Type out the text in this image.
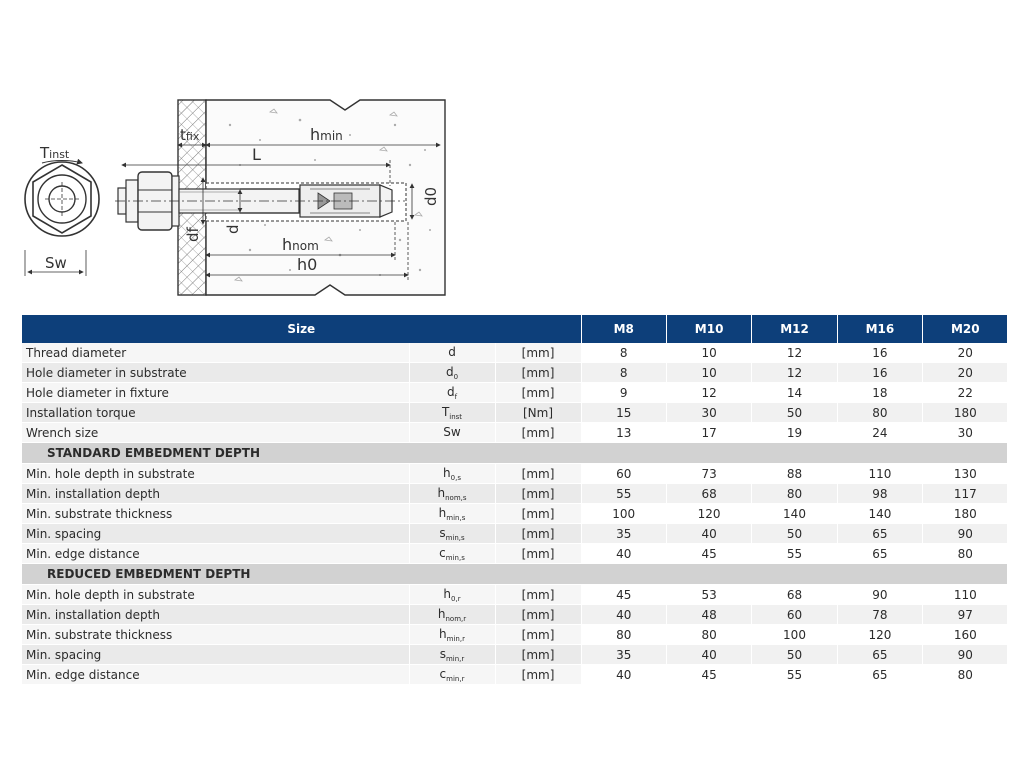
Tinst
Sw
tfix	hmin
L
d0
d
df
hnom
h0
Size			M8	M10	M12	M16	M20
Thread diameter	d	[mm]	8	10	12	16	20
Hole diameter in substrate	$d_0$	[mm]	8	10	12	16	20
Hole diameter in fixture	$d_f$	[mm]	9	12	14	18	22
Installation torque	$T_{inst}$	[Nm]	15	30	50	80	180
Wrench size	Sw	[mm]	13	17	19	24	30
STANDARD EMBEDMENT DEPTH							
Min. hole depth in substrate	$h_{0,s}$	[mm]	60	73	88	110	130
Min. installation depth	$h_{nom,s}$	[mm]	55	68	80	98	117
Min. substrate thickness	$h_{min,s}$	[mm]	100	120	140	140	180
Min. spacing	$s_{min,s}$	[mm]	35	40	50	65	90
Min. edge distance	$c_{min,s}$	[mm]	40	45	55	65	80
REDUCED EMBEDMENT DEPTH							
Min. hole depth in substrate	$h_{0,r}$	[mm]	45	53	68	90	110
Min. installation depth	$h_{nom,r}$	[mm]	40	48	60	78	97
Min. substrate thickness	$h_{min,r}$	[mm]	80	80	100	120	160
Min. spacing	$s_{min,r}$	[mm]	35	40	50	65	90
Min. edge distance	$c_{min,r}$	[mm]	40	45	55	65	80
